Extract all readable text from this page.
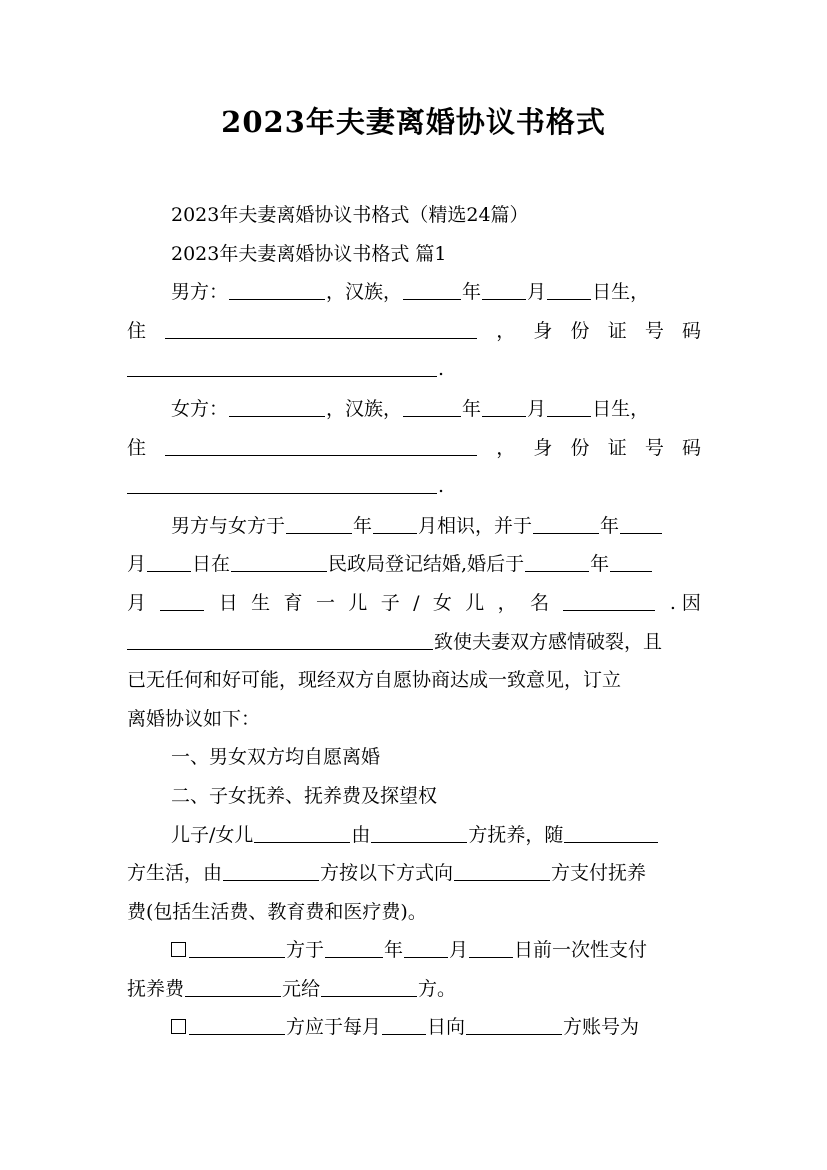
2023年夫妻离婚协议书格式
2023年夫妻离婚协议书格式（精选24篇）
2023年夫妻离婚协议书格式 篇1
男方：	，汉族，	年 月 日生，
住	， 身 份 证 号 码
.
女方：	，汉族，	年 月 日生，
住	， 身 份 证 号 码
.
男方与女方于	年 月相识，并于	年
月 日在	民政局登记结婚,婚后于	年
月	日 生 育 一 儿 子 / 女 儿 ， 名	. 因
致使夫妻双方感情破裂，且
已无任何和好可能，现经双方自愿协商达成一致意见，订立
离婚协议如下：
一、男女双方均自愿离婚
二、子女抚养、抚养费及探望权
儿子/女儿	由	方抚养，随
方生活，由	方按以下方式向	方支付抚养
费(包括生活费、教育费和医疗费)。
方于	年 月 日前一次性支付
抚养费	元给	方。
方应于每月 日向	方账号为
